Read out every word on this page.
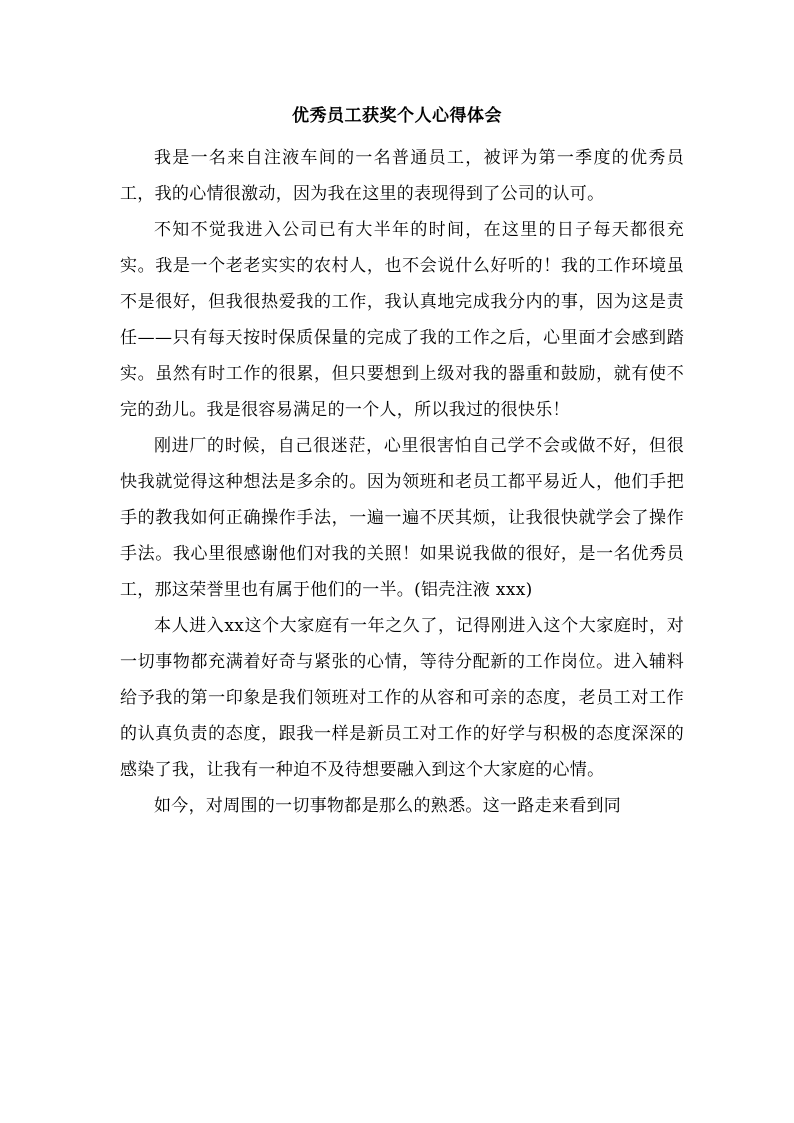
优秀员工获奖个人心得体会

我是一名来自注液车间的一名普通员工，被评为第一季度的优秀员工，我的心情很激动，因为我在这里的表现得到了公司的认可。

不知不觉我进入公司已有大半年的时间，在这里的日子每天都很充实。我是一个老老实实的农村人，也不会说什么好听的！我的工作环境虽不是很好，但我很热爱我的工作，我认真地完成我分内的事，因为这是责任——只有每天按时保质保量的完成了我的工作之后，心里面才会感到踏实。虽然有时工作的很累，但只要想到上级对我的器重和鼓励，就有使不完的劲儿。我是很容易满足的一个人，所以我过的很快乐！

刚进厂的时候，自己很迷茫，心里很害怕自己学不会或做不好，但很快我就觉得这种想法是多余的。因为领班和老员工都平易近人，他们手把手的教我如何正确操作手法，一遍一遍不厌其烦，让我很快就学会了操作手法。我心里很感谢他们对我的关照！如果说我做的很好，是一名优秀员工，那这荣誉里也有属于他们的一半。(铝壳注液 xxx)

本人进入xx这个大家庭有一年之久了，记得刚进入这个大家庭时，对一切事物都充满着好奇与紧张的心情，等待分配新的工作岗位。进入辅料给予我的第一印象是我们领班对工作的从容和可亲的态度，老员工对工作的认真负责的态度，跟我一样是新员工对工作的好学与积极的态度深深的感染了我，让我有一种迫不及待想要融入到这个大家庭的心情。

如今，对周围的一切事物都是那么的熟悉。这一路走来看到同
